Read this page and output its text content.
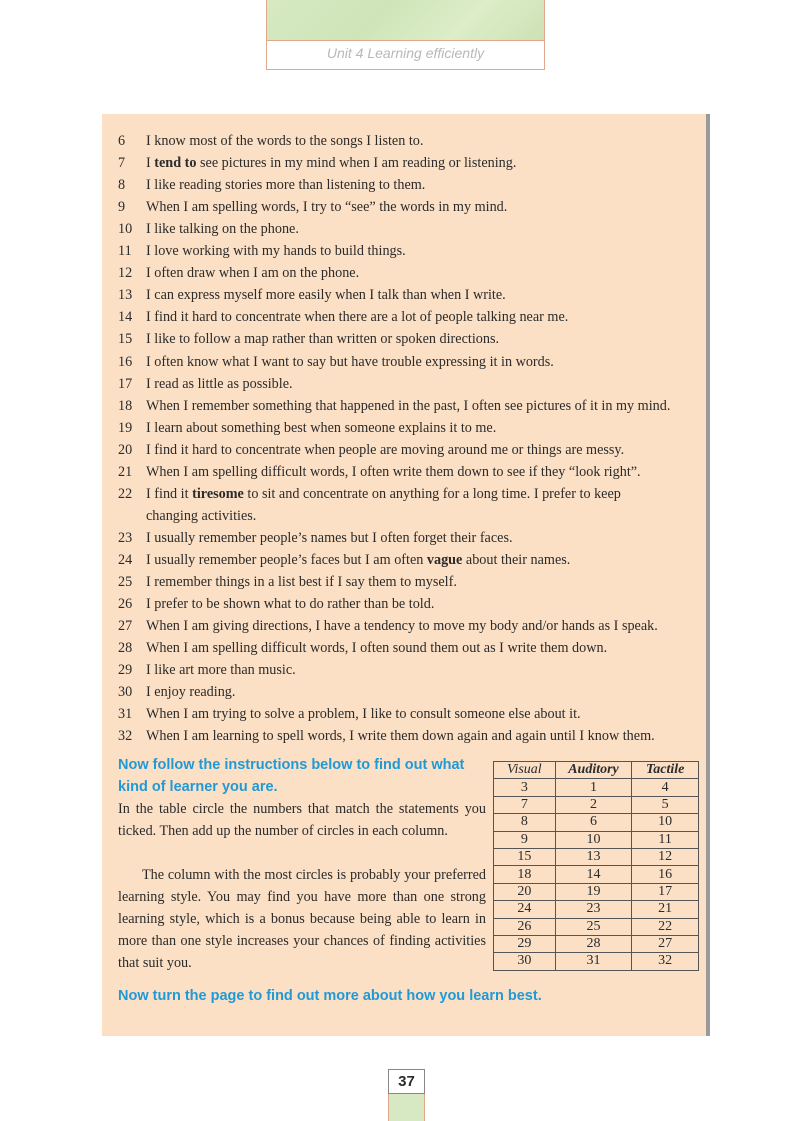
Unit 4 Learning efficiently
6 I know most of the words to the songs I listen to.
7 I tend to see pictures in my mind when I am reading or listening.
8 I like reading stories more than listening to them.
9 When I am spelling words, I try to “see” the words in my mind.
10 I like talking on the phone.
11 I love working with my hands to build things.
12 I often draw when I am on the phone.
13 I can express myself more easily when I talk than when I write.
14 I find it hard to concentrate when there are a lot of people talking near me.
15 I like to follow a map rather than written or spoken directions.
16 I often know what I want to say but have trouble expressing it in words.
17 I read as little as possible.
18 When I remember something that happened in the past, I often see pictures of it in my mind.
19 I learn about something best when someone explains it to me.
20 I find it hard to concentrate when people are moving around me or things are messy.
21 When I am spelling difficult words, I often write them down to see if they “look right”.
22 I find it tiresome to sit and concentrate on anything for a long time. I prefer to keep
changing activities.
23 I usually remember people’s names but I often forget their faces.
24 I usually remember people’s faces but I am often vague about their names.
25 I remember things in a list best if I say them to myself.
26 I prefer to be shown what to do rather than be told.
27 When I am giving directions, I have a tendency to move my body and/or hands as I speak.
28 When I am spelling difficult words, I often sound them out as I write them down.
29 I like art more than music.
30 I enjoy reading.
31 When I am trying to solve a problem, I like to consult someone else about it.
32 When I am learning to spell words, I write them down again and again until I know them.
Now follow the instructions below to find out what
kind of learner you are.
In the table circle the numbers that match the statements you ticked. Then add up the number of circles in each column.
The column with the most circles is probably your preferred learning style. You may find you have more than one strong learning style, which is a bonus because being able to learn in more than one style increases your chances of finding activities that suit you.
Visual	Auditory	Tactile
3	1	4
7	2	5
8	6	10
9	10	11
15	13	12
18	14	16
20	19	17
24	23	21
26	25	22
29	28	27
30	31	32
Now turn the page to find out more about how you learn best.
37
